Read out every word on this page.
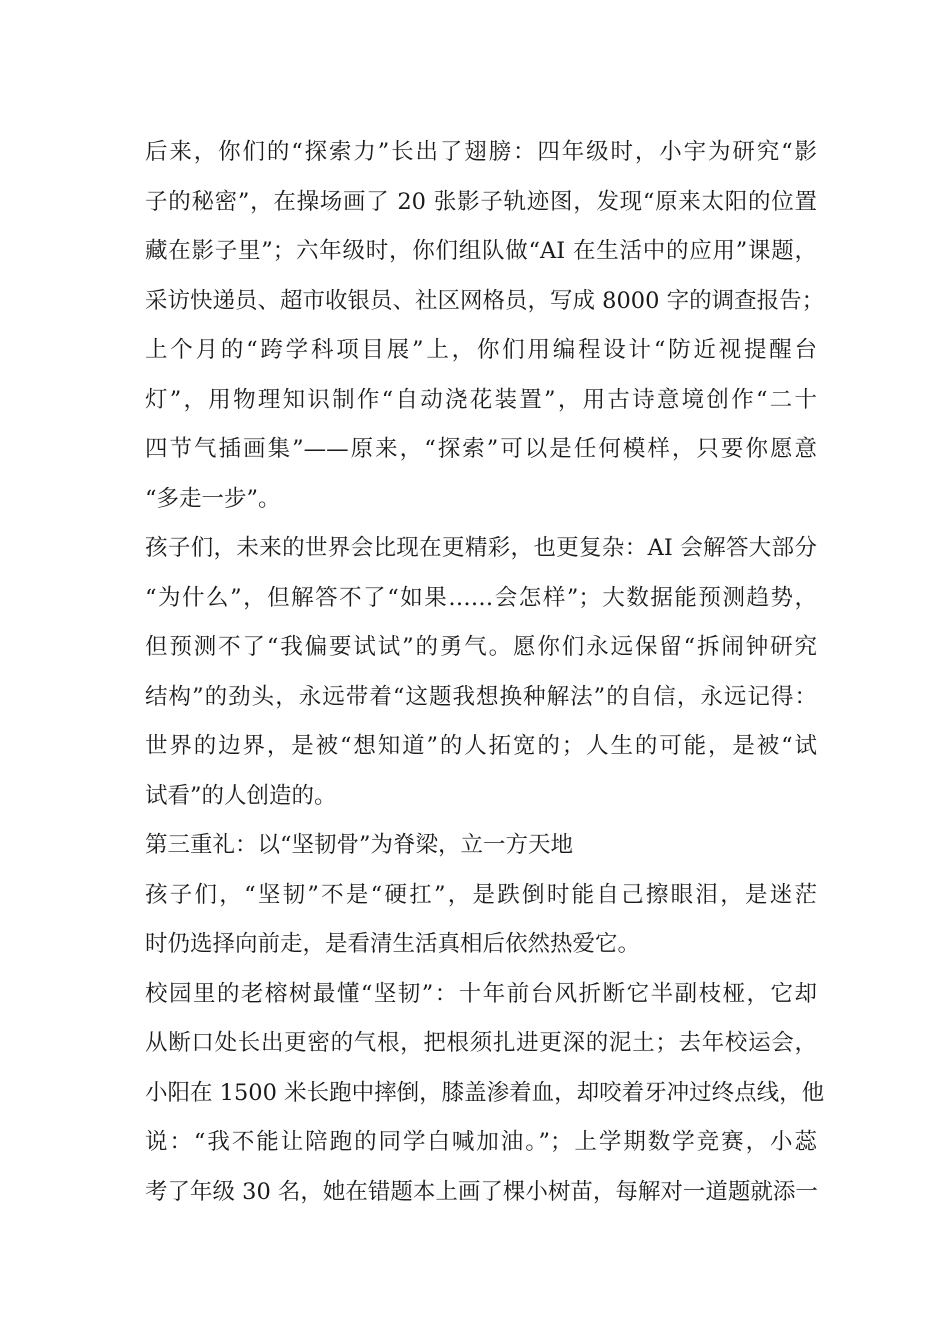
后来，你们的“探索力”长出了翅膀：四年级时，小宇为研究“影
子的秘密”，在操场画了 20 张影子轨迹图，发现“原来太阳的位置
藏在影子里”；六年级时，你们组队做“AI 在生活中的应用”课题，
采访快递员、超市收银员、社区网格员，写成 8000 字的调查报告；
上个月的“跨学科项目展”上，你们用编程设计“防近视提醒台
灯”，用物理知识制作“自动浇花装置”，用古诗意境创作“二十
四节气插画集”——原来，“探索”可以是任何模样，只要你愿意
“多走一步”。
孩子们，未来的世界会比现在更精彩，也更复杂：AI 会解答大部分
“为什么”，但解答不了“如果……会怎样”；大数据能预测趋势，
但预测不了“我偏要试试”的勇气。愿你们永远保留“拆闹钟研究
结构”的劲头，永远带着“这题我想换种解法”的自信，永远记得：
世界的边界，是被“想知道”的人拓宽的；人生的可能，是被“试
试看”的人创造的。
第三重礼：以“坚韧骨”为脊梁，立一方天地
孩子们，“坚韧”不是“硬扛”，是跌倒时能自己擦眼泪，是迷茫
时仍选择向前走，是看清生活真相后依然热爱它。
校园里的老榕树最懂“坚韧”：十年前台风折断它半副枝桠，它却
从断口处长出更密的气根，把根须扎进更深的泥土；去年校运会，
小阳在 1500 米长跑中摔倒，膝盖渗着血，却咬着牙冲过终点线，他
说：“我不能让陪跑的同学白喊加油。”；上学期数学竞赛，小蕊
考了年级 30 名，她在错题本上画了棵小树苗，每解对一道题就添一
